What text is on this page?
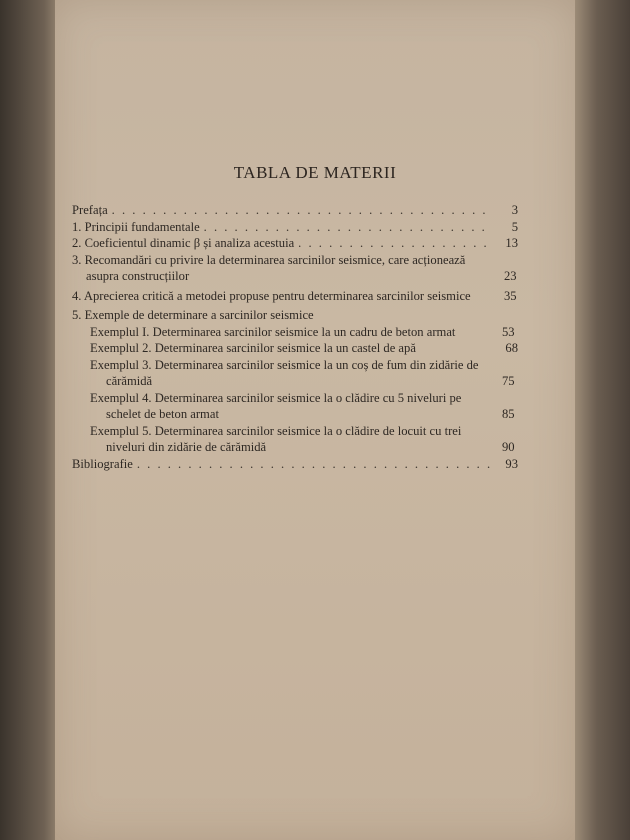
TABLA DE MATERII
Prefața . . .	3
1. Principii fundamentale . . .	5
2. Coeficientul dinamic β și analiza acestuia . . .	13
3. Recomandări cu privire la determinarea sarcinilor seismice, care acționează asupra construcțiilor	23
4. Aprecierea critică a metodei propuse pentru determinarea sarcinilor seismice	35
5. Exemple de determinare a sarcinilor seismice
Exemplul I. Determinarea sarcinilor seismice la un cadru de beton armat	53
Exemplul 2. Determinarea sarcinilor seismice la un castel de apă	68
Exemplul 3. Determinarea sarcinilor seismice la un coș de fum din zidărie de cărămidă	75
Exemplul 4. Determinarea sarcinilor seismice la o clădire cu 5 niveluri pe schelet de beton armat	85
Exemplul 5. Determinarea sarcinilor seismice la o clădire de locuit cu trei niveluri din zidărie de cărămidă	90
Bibliografie . . .	93
